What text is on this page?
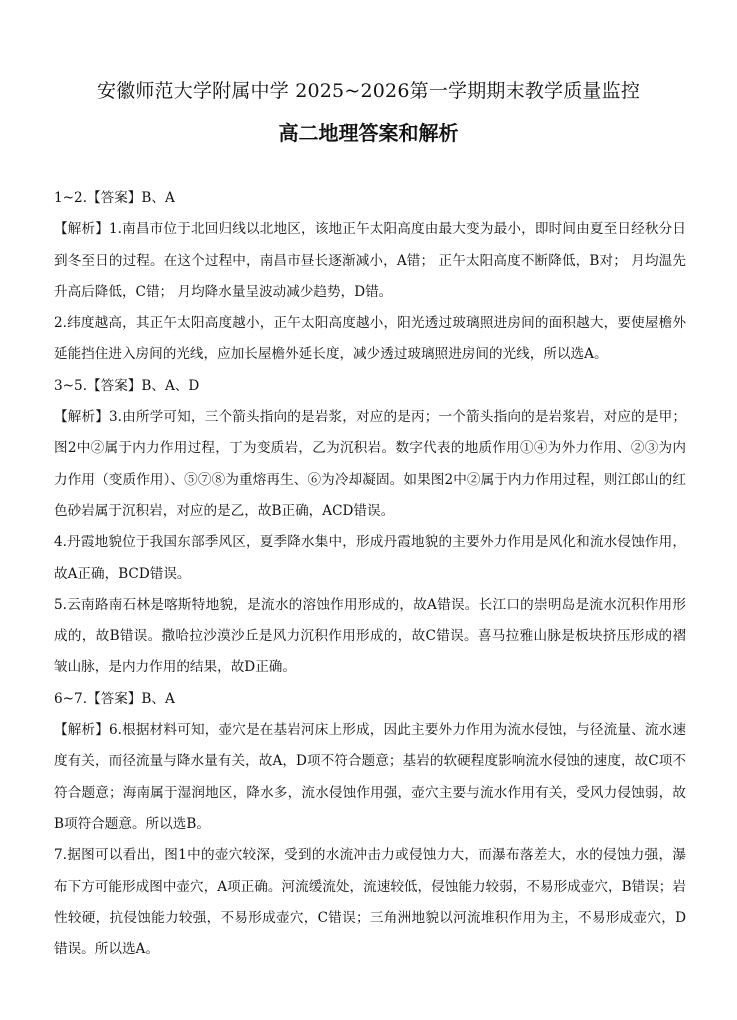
安徽师范大学附属中学 2025~2026第一学期期末教学质量监控
高二地理答案和解析

1~2.【答案】B、A

【解析】1.南昌市位于北回归线以北地区，该地正午太阳高度由最大变为最小，即时间由夏至日经秋分日到冬至日的过程。在这个过程中，南昌市昼长逐渐减小，A错； 正午太阳高度不断降低，B对； 月均温先升高后降低，C错； 月均降水量呈波动减少趋势，D错。

2.纬度越高，其正午太阳高度越小，正午太阳高度越小，阳光透过玻璃照进房间的面积越大，要使屋檐外延能挡住进入房间的光线，应加长屋檐外延长度，减少透过玻璃照进房间的光线，所以选A。

3~5.【答案】B、A、D

【解析】3.由所学可知，三个箭头指向的是岩浆，对应的是丙；一个箭头指向的是岩浆岩，对应的是甲；图2中②属于内力作用过程，丁为变质岩，乙为沉积岩。数字代表的地质作用①④为外力作用、②③为内力作用（变质作用）、⑤⑦⑧为重熔再生、⑥为冷却凝固。如果图2中②属于内力作用过程，则江郎山的红色砂岩属于沉积岩，对应的是乙，故B正确，ACD错误。

4.丹霞地貌位于我国东部季风区，夏季降水集中，形成丹霞地貌的主要外力作用是风化和流水侵蚀作用，故A正确，BCD错误。

5.云南路南石林是喀斯特地貌，是流水的溶蚀作用形成的，故A错误。长江口的崇明岛是流水沉积作用形成的，故B错误。撒哈拉沙漠沙丘是风力沉积作用形成的，故C错误。喜马拉雅山脉是板块挤压形成的褶皱山脉，是内力作用的结果，故D正确。

6~7.【答案】B、A

【解析】6.根据材料可知，壶穴是在基岩河床上形成，因此主要外力作用为流水侵蚀，与径流量、流水速度有关，而径流量与降水量有关，故A，D项不符合题意；基岩的软硬程度影响流水侵蚀的速度，故C项不符合题意；海南属于湿润地区，降水多，流水侵蚀作用强，壶穴主要与流水作用有关，受风力侵蚀弱，故B项符合题意。所以选B。

7.据图可以看出，图1中的壶穴较深，受到的水流冲击力或侵蚀力大，而瀑布落差大，水的侵蚀力强，瀑布下方可能形成图中壶穴，A项正确。河流缓流处，流速较低，侵蚀能力较弱，不易形成壶穴，B错误；岩性较硬，抗侵蚀能力较强，不易形成壶穴，C错误；三角洲地貌以河流堆积作用为主，不易形成壶穴，D错误。所以选A。
